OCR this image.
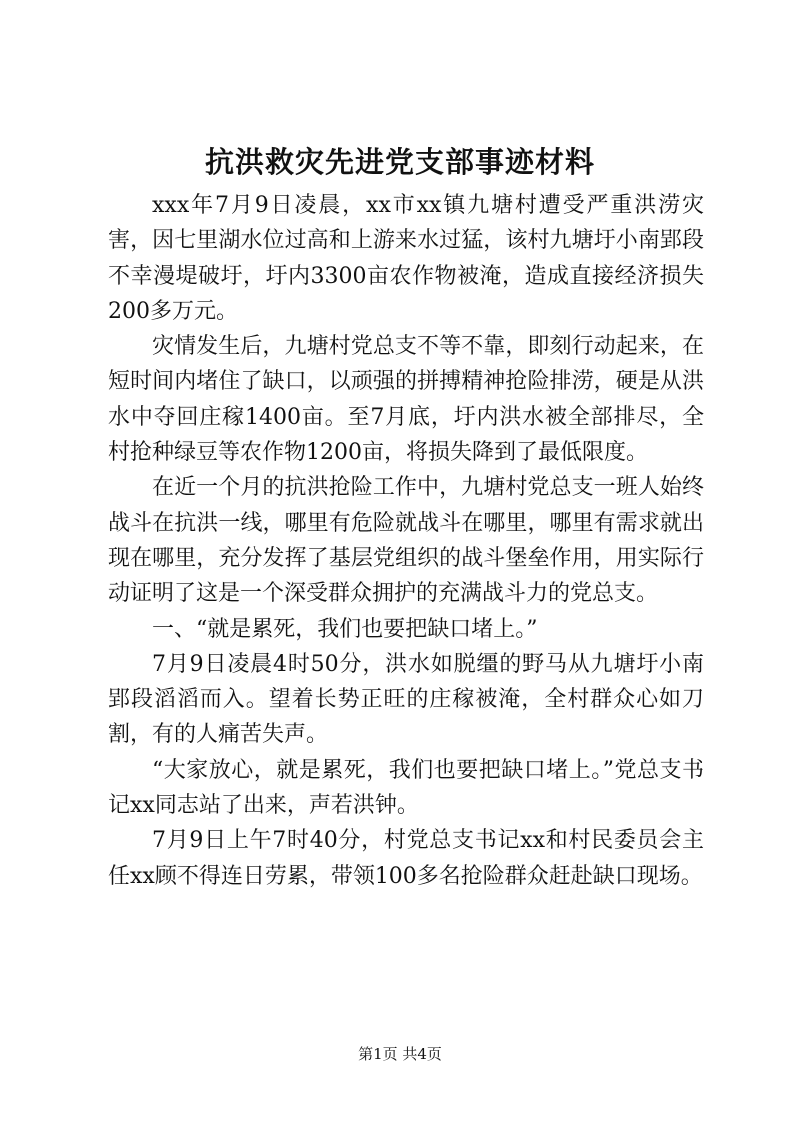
抗洪救灾先进党支部事迹材料

xxx年7月9日凌晨，xx市xx镇九塘村遭受严重洪涝灾害，因七里湖水位过高和上游来水过猛，该村九塘圩小南郢段不幸漫堤破圩，圩内3300亩农作物被淹，造成直接经济损失200多万元。

灾情发生后，九塘村党总支不等不靠，即刻行动起来，在短时间内堵住了缺口，以顽强的拼搏精神抢险排涝，硬是从洪水中夺回庄稼1400亩。至7月底，圩内洪水被全部排尽，全村抢种绿豆等农作物1200亩，将损失降到了最低限度。

在近一个月的抗洪抢险工作中，九塘村党总支一班人始终战斗在抗洪一线，哪里有危险就战斗在哪里，哪里有需求就出现在哪里，充分发挥了基层党组织的战斗堡垒作用，用实际行动证明了这是一个深受群众拥护的充满战斗力的党总支。

一、“就是累死，我们也要把缺口堵上。”

7月9日凌晨4时50分，洪水如脱缰的野马从九塘圩小南郢段滔滔而入。望着长势正旺的庄稼被淹，全村群众心如刀割，有的人痛苦失声。

“大家放心，就是累死，我们也要把缺口堵上。”党总支书记xx同志站了出来，声若洪钟。

7月9日上午7时40分，村党总支书记xx和村民委员会主任xx顾不得连日劳累，带领100多名抢险群众赶赴缺口现场。

第1页 共4页
